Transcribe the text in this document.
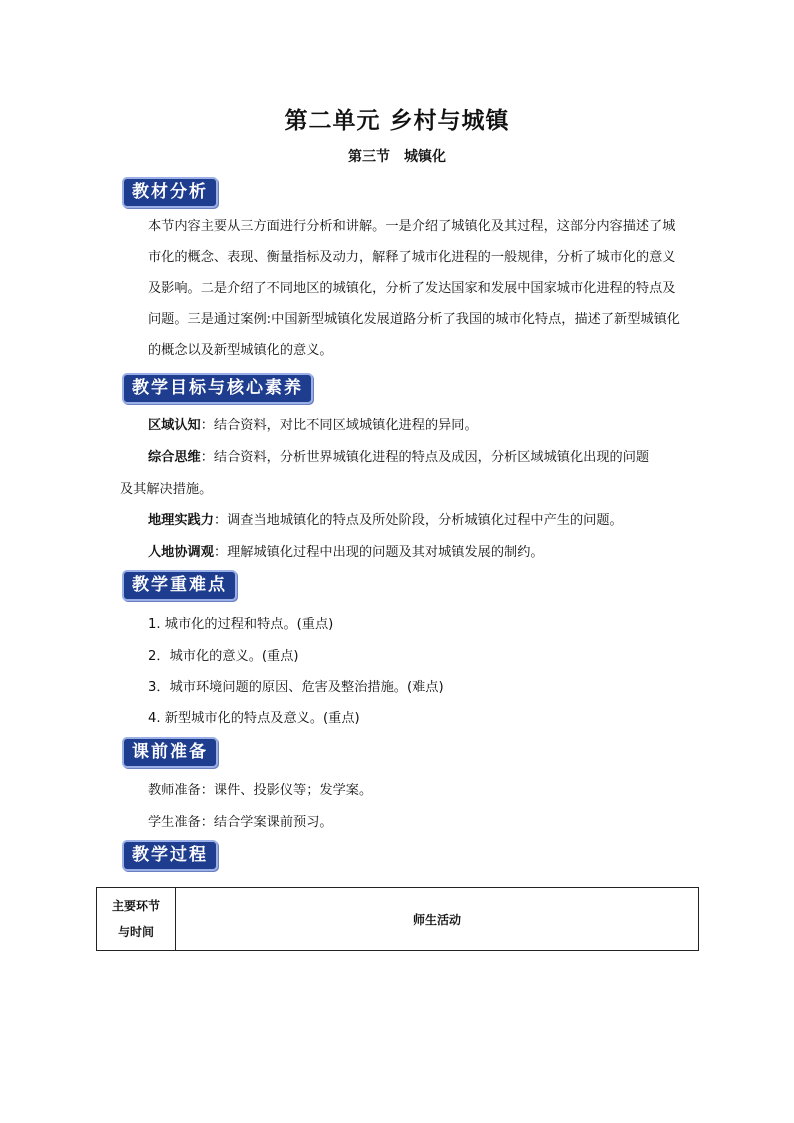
第二单元 乡村与城镇
第三节　城镇化
教材分析
本节内容主要从三方面进行分析和讲解。一是介绍了城镇化及其过程，这部分内容描述了城市化的概念、表现、衡量指标及动力，解释了城市化进程的一般规律，分析了城市化的意义及影响。二是介绍了不同地区的城镇化，分析了发达国家和发展中国家城市化进程的特点及问题。三是通过案例:中国新型城镇化发展道路分析了我国的城市化特点，描述了新型城镇化的概念以及新型城镇化的意义。
教学目标与核心素养
区域认知：结合资料，对比不同区域城镇化进程的异同。
综合思维：结合资料，分析世界城镇化进程的特点及成因，分析区域城镇化出现的问题
及其解决措施。
地理实践力：调查当地城镇化的特点及所处阶段，分析城镇化过程中产生的问题。
人地协调观：理解城镇化过程中出现的问题及其对城镇发展的制约。
教学重难点
1. 城市化的过程和特点。(重点)
2．城市化的意义。(重点)
3．城市环境问题的原因、危害及整治措施。(难点)
4. 新型城市化的特点及意义。(重点)
课前准备
教师准备：课件、投影仪等；发学案。
学生准备：结合学案课前预习。
教学过程
主要环节
与时间
	师生活动
